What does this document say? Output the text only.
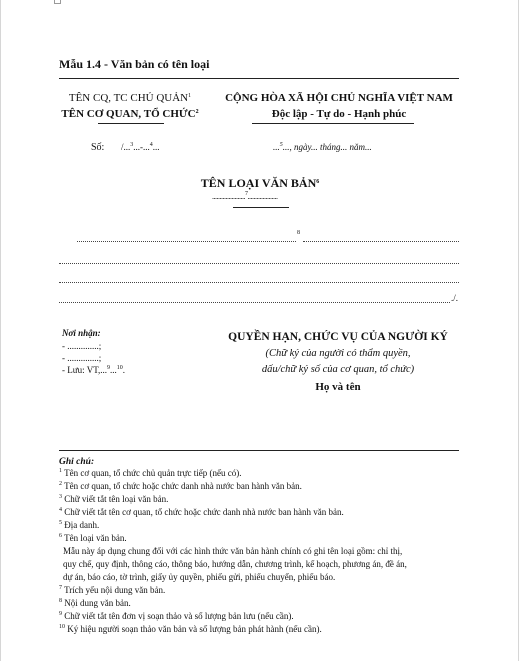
Mẫu 1.4 - Văn bản có tên loại
TÊN CQ, TC CHỦ QUẢN$^1$
TÊN CƠ QUAN, TỔ CHỨC$^2$
CỘNG HÒA XÃ HỘI CHỦ NGHĨA VIỆT NAM
Độc lập - Tự do - Hạnh phúc
Số: /...$^3$...-...$^4$...	...$^5$..., ngày... tháng... năm...
TÊN LOẠI VĂN BẢN$^6$
......................$^7$....................
8
./.
Nơi nhận:
- ..............;
- ..............;
- Lưu: VT,...$^9$...$^{10}$.
QUYỀN HẠN, CHỨC VỤ CỦA NGƯỜI KÝ
(Chữ ký của người có thẩm quyền,
dấu/chữ ký số của cơ quan, tổ chức)
Họ và tên
Ghi chú:
$^1$ Tên cơ quan, tổ chức chủ quản trực tiếp (nếu có).
$^2$ Tên cơ quan, tổ chức hoặc chức danh nhà nước ban hành văn bản.
$^3$ Chữ viết tắt tên loại văn bản.
$^4$ Chữ viết tắt tên cơ quan, tổ chức hoặc chức danh nhà nước ban hành văn bản.
$^5$ Địa danh.
$^6$ Tên loại văn bản.
Mẫu này áp dụng chung đối với các hình thức văn bản hành chính có ghi tên loại gồm: chỉ thị,
quy chế, quy định, thông cáo, thông báo, hướng dẫn, chương trình, kế hoạch, phương án, đề án,
dự án, báo cáo, tờ trình, giấy ủy quyền, phiếu gửi, phiếu chuyển, phiếu báo.
$^7$ Trích yếu nội dung văn bản.
$^8$ Nội dung văn bản.
$^9$ Chữ viết tắt tên đơn vị soạn thảo và số lượng bản lưu (nếu cần).
$^{10}$ Ký hiệu người soạn thảo văn bản và số lượng bản phát hành (nếu cần).
